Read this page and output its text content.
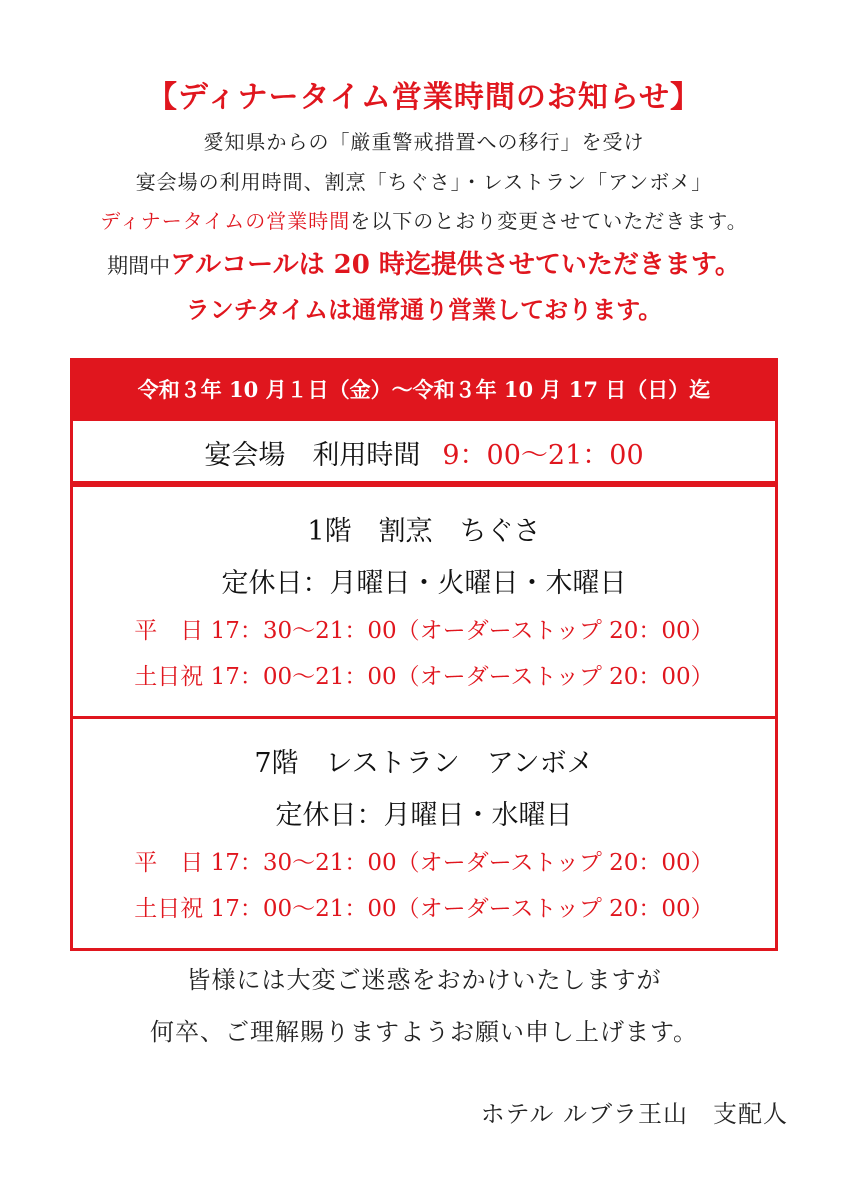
【ディナータイム営業時間のお知らせ】
愛知県からの「厳重警戒措置への移行」を受け
宴会場の利用時間、割烹「ちぐさ」・レストラン「アンボメ」
ディナータイムの営業時間を以下のとおり変更させていただきます。
期間中アルコールは 20 時迄提供させていただきます。
ランチタイムは通常通り営業しております。
令和３年 10 月１日（金）～令和３年 10 月 17 日（日）迄
宴会場　利用時間 9：00～21：00
1階　割烹　ちぐさ
定休日：月曜日・火曜日・木曜日
平　日 17：30～21：00（オーダーストップ 20：00）
土日祝 17：00～21：00（オーダーストップ 20：00）
7階　レストラン　アンボメ
定休日：月曜日・水曜日
平　日 17：30～21：00（オーダーストップ 20：00）
土日祝 17：00～21：00（オーダーストップ 20：00）
皆様には大変ご迷惑をおかけいたしますが
何卒、ご理解賜りますようお願い申し上げます。
ホテル ルブラ王山　支配人
